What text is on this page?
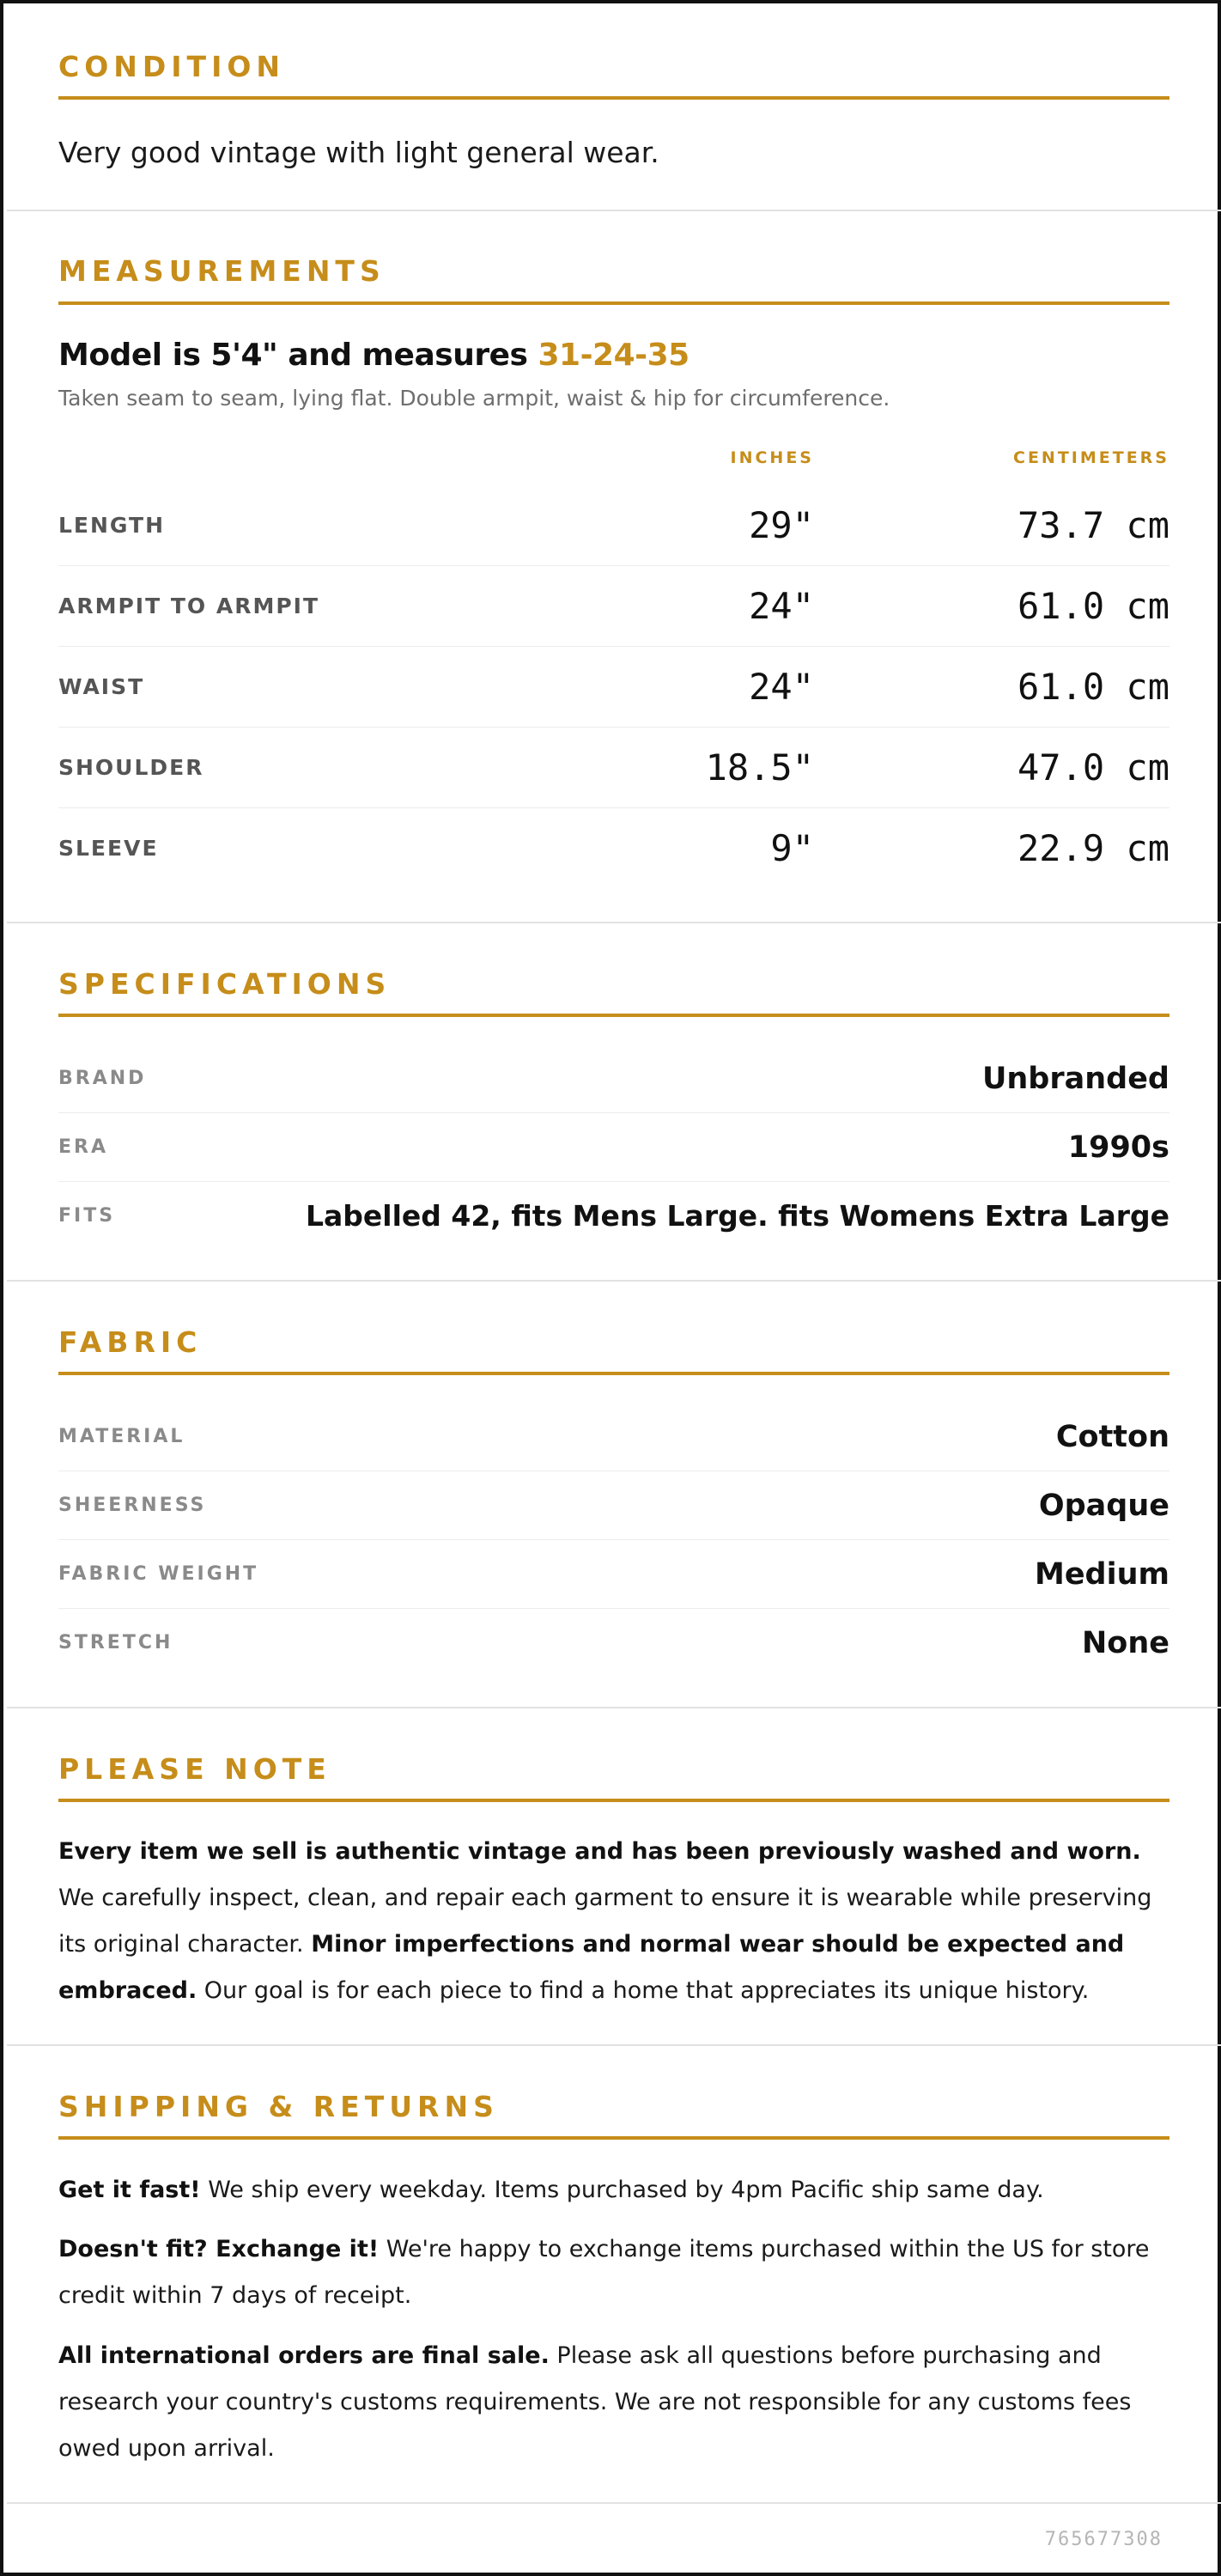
CONDITION
Very good vintage with light general wear.
MEASUREMENTS
Model is 5'4" and measures 31-24-35
Taken seam to seam, lying flat. Double armpit, waist & hip for circumference.
INCHES	CENTIMETERS
LENGTH	29"	73.7 cm
ARMPIT TO ARMPIT	24"	61.0 cm
WAIST	24"	61.0 cm
SHOULDER	18.5"	47.0 cm
SLEEVE	9"	22.9 cm
SPECIFICATIONS
BRAND	Unbranded
ERA	1990s
FITS	Labelled 42, fits Mens Large. fits Womens Extra Large
FABRIC
MATERIAL	Cotton
SHEERNESS	Opaque
FABRIC WEIGHT	Medium
STRETCH	None
PLEASE NOTE
Every item we sell is authentic vintage and has been previously washed and worn. We carefully inspect, clean, and repair each garment to ensure it is wearable while preserving its original character. Minor imperfections and normal wear should be expected and embraced. Our goal is for each piece to find a home that appreciates its unique history.
SHIPPING & RETURNS
Get it fast! We ship every weekday. Items purchased by 4pm Pacific ship same day.
Doesn't fit? Exchange it! We're happy to exchange items purchased within the US for store credit within 7 days of receipt.
All international orders are final sale. Please ask all questions before purchasing and research your country's customs requirements. We are not responsible for any customs fees owed upon arrival.
765677308
